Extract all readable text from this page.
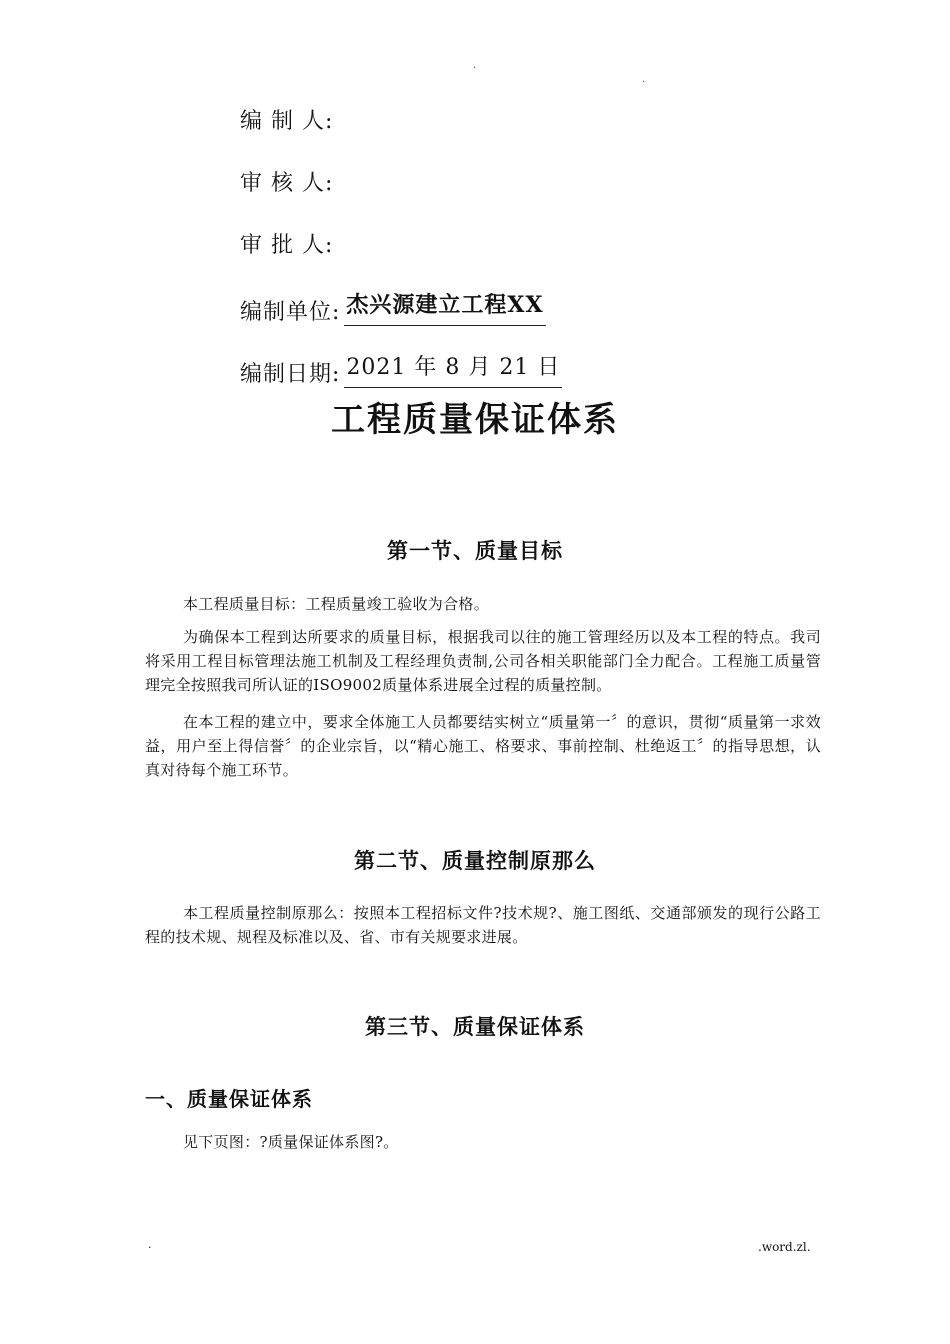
.
.
编 制 人:
审 核 人:
审 批 人:
编制单位: 杰兴源建立工程XX
编制日期: 2021 年 8 月 21 日
工程质量保证体系
第一节、质量目标

本工程质量目标：工程质量竣工验收为合格。

为确保本工程到达所要求的质量目标，根据我司以往的施工管理经历以及本工程的特点。我司将采用工程目标管理法施工机制及工程经理负责制,公司各相关职能部门全力配合。工程施工质量管理完全按照我司所认证的ISO9002质量体系进展全过程的质量控制。

在本工程的建立中，要求全体施工人员都要结实树立“质量第一〞的意识，贯彻“质量第一求效益，用户至上得信誉〞的企业宗旨，以“精心施工、格要求、事前控制、杜绝返工〞的指导思想，认真对待每个施工环节。

第二节、质量控制原那么

本工程质量控制原那么：按照本工程招标文件?技术规?、施工图纸、交通部颁发的现行公路工程的技术规、规程及标准以及、省、市有关规要求进展。

第三节、质量保证体系
一、质量保证体系

见下页图：?质量保证体系图?。

.	.word.zl.
